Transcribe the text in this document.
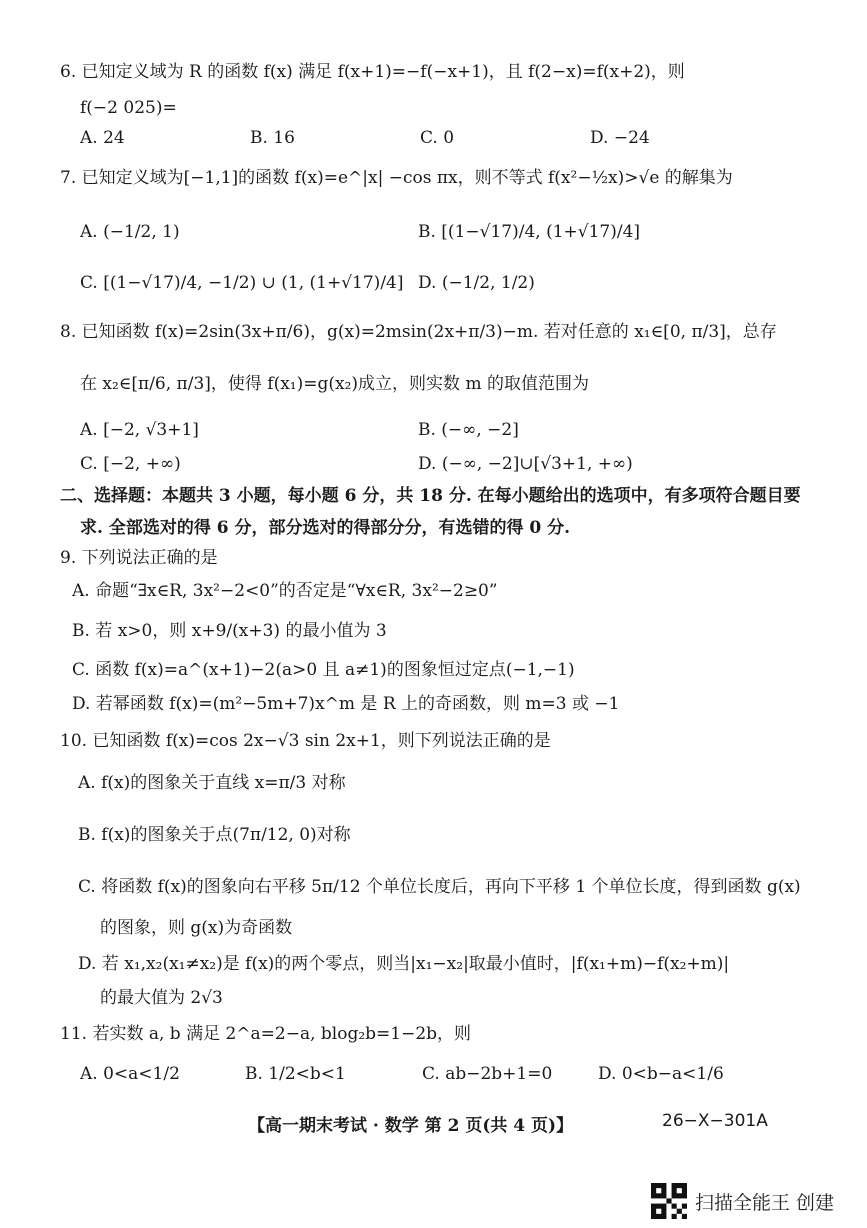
6. 已知定义域为 R 的函数 f(x) 满足 f(x+1)=−f(−x+1)，且 f(2−x)=f(x+2)，则
f(−2 025)=
A. 24	B. 16	C. 0	D. −24
7. 已知定义域为[−1,1]的函数 f(x)=e^|x| −cos πx，则不等式 f(x²−½x)>√e 的解集为
A. (−1/2, 1)	B. [(1−√17)/4, (1+√17)/4]
C. [(1−√17)/4, −1/2) ∪ (1, (1+√17)/4] D. (−1/2, 1/2)
8. 已知函数 f(x)=2sin(3x+π/6)，g(x)=2msin(2x+π/3)−m. 若对任意的 x₁∈[0, π/3]，总存
在 x₂∈[π/6, π/3]，使得 f(x₁)=g(x₂)成立，则实数 m 的取值范围为
A. [−2, √3+1]	B. (−∞, −2]
C. [−2, +∞)	D. (−∞, −2]∪[√3+1, +∞)
二、选择题：本题共 3 小题，每小题 6 分，共 18 分. 在每小题给出的选项中，有多项符合题目要
求. 全部选对的得 6 分，部分选对的得部分分，有选错的得 0 分.
9. 下列说法正确的是
A. 命题“∃x∈R, 3x²−2<0”的否定是“∀x∈R, 3x²−2≥0”
B. 若 x>0，则 x+9/(x+3) 的最小值为 3
C. 函数 f(x)=a^(x+1)−2(a>0 且 a≠1)的图象恒过定点(−1,−1)
D. 若幂函数 f(x)=(m²−5m+7)x^m 是 R 上的奇函数，则 m=3 或 −1
10. 已知函数 f(x)=cos 2x−√3 sin 2x+1，则下列说法正确的是
A. f(x)的图象关于直线 x=π/3 对称
B. f(x)的图象关于点(7π/12, 0)对称
C. 将函数 f(x)的图象向右平移 5π/12 个单位长度后，再向下平移 1 个单位长度，得到函数 g(x)
的图象，则 g(x)为奇函数
D. 若 x₁,x₂(x₁≠x₂)是 f(x)的两个零点，则当|x₁−x₂|取最小值时，|f(x₁+m)−f(x₂+m)|
的最大值为 2√3
11. 若实数 a, b 满足 2^a=2−a, blog₂b=1−2b，则
A. 0<a<1/2	B. 1/2<b<1	C. ab−2b+1=0	D. 0<b−a<1/6
【高一期末考试 · 数学 第 2 页(共 4 页)】	26−X−301A
扫描全能王 创建
